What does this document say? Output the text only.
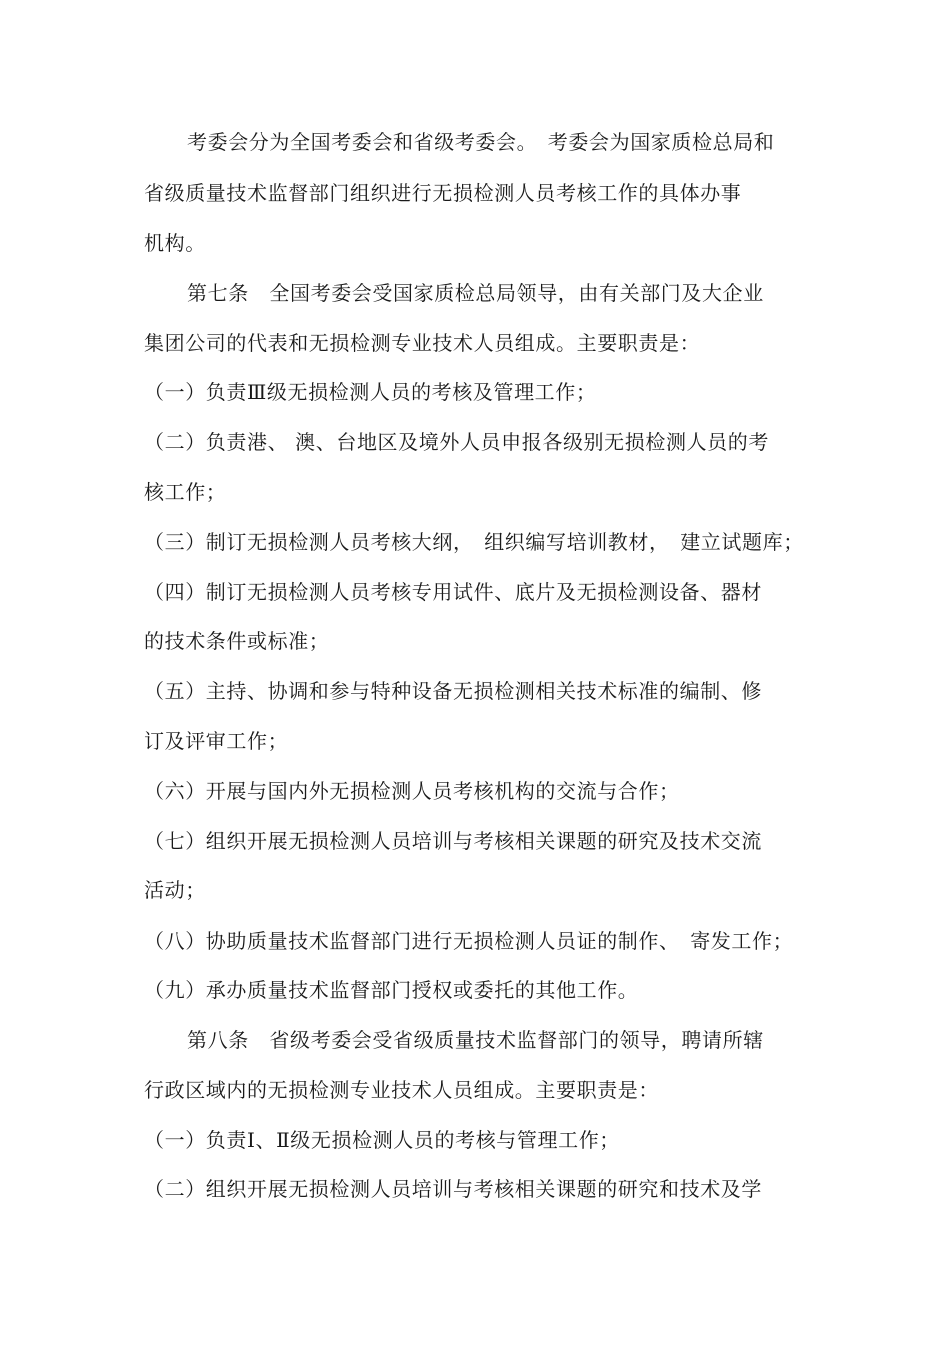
考委会分为全国考委会和省级考委会。　考委会为国家质检总局和
省级质量技术监督部门组织进行无损检测人员考核工作的具体办事
机构。
第七条　全国考委会受国家质检总局领导，由有关部门及大企业
集团公司的代表和无损检测专业技术人员组成。主要职责是：
（一）负责Ⅲ级无损检测人员的考核及管理工作；
（二）负责港、 澳、台地区及境外人员申报各级别无损检测人员的考
核工作；
（三）制订无损检测人员考核大纲，　组织编写培训教材，　建立试题库；
（四）制订无损检测人员考核专用试件、底片及无损检测设备、器材
的技术条件或标准；
（五）主持、协调和参与特种设备无损检测相关技术标准的编制、修
订及评审工作；
（六）开展与国内外无损检测人员考核机构的交流与合作；
（七）组织开展无损检测人员培训与考核相关课题的研究及技术交流
活动；
（八）协助质量技术监督部门进行无损检测人员证的制作、　寄发工作；
（九）承办质量技术监督部门授权或委托的其他工作。
第八条　省级考委会受省级质量技术监督部门的领导，聘请所辖
行政区域内的无损检测专业技术人员组成。主要职责是：
（一）负责Ⅰ、Ⅱ级无损检测人员的考核与管理工作；
（二）组织开展无损检测人员培训与考核相关课题的研究和技术及学
